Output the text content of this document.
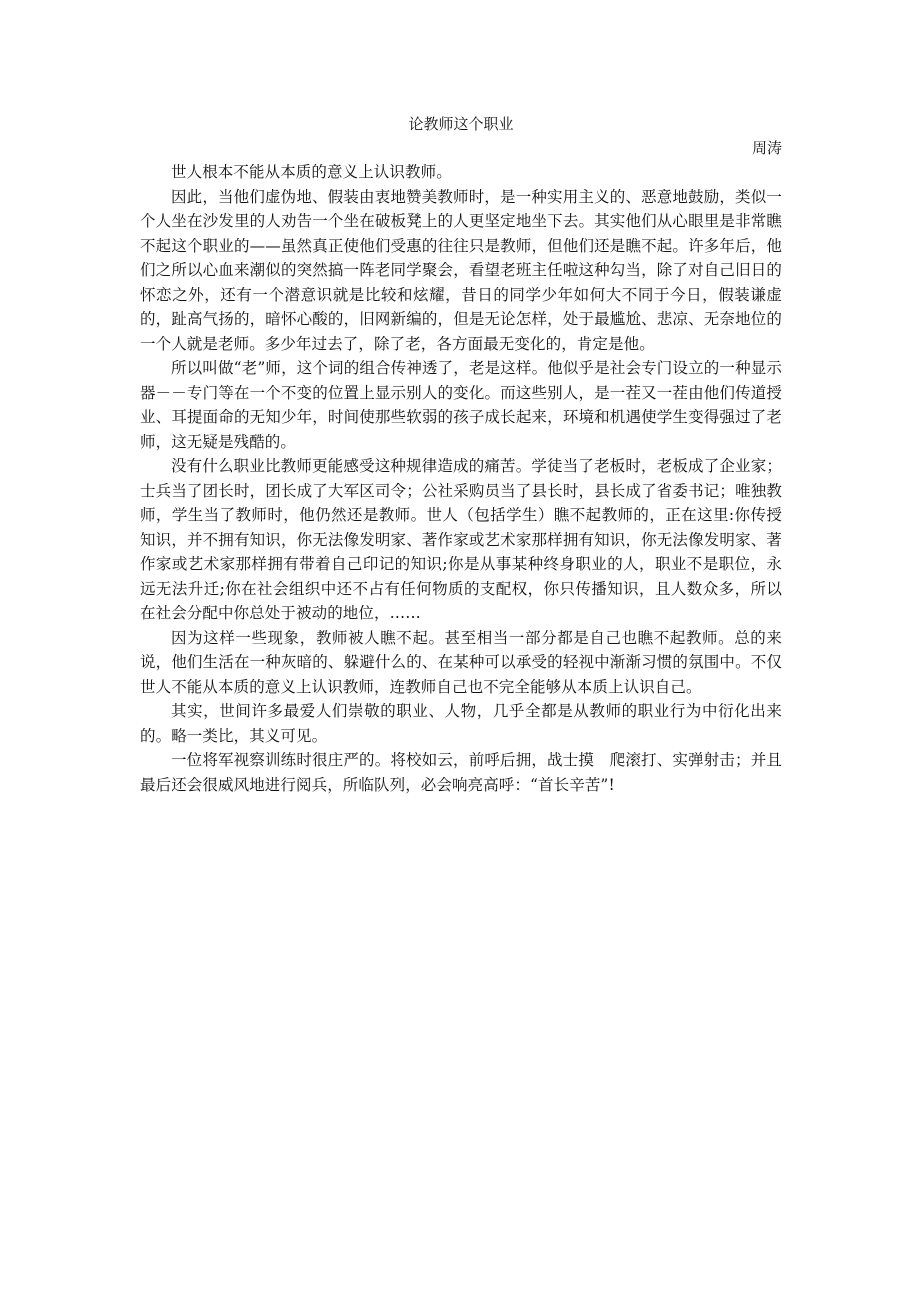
论教师这个职业

周涛

世人根本不能从本质的意义上认识教师。

因此，当他们虚伪地、假装由衷地赞美教师时，是一种实用主义的、恶意地鼓励，类似一个人坐在沙发里的人劝告一个坐在破板凳上的人更坚定地坐下去。其实他们从心眼里是非常瞧不起这个职业的——虽然真正使他们受惠的往往只是教师，但他们还是瞧不起。许多年后，他们之所以心血来潮似的突然搞一阵老同学聚会，看望老班主任啦这种勾当，除了对自己旧日的怀恋之外，还有一个潜意识就是比较和炫耀，昔日的同学少年如何大不同于今日，假装谦虚的，趾高气扬的，暗怀心酸的，旧网新编的，但是无论怎样，处于最尴尬、悲凉、无奈地位的一个人就是老师。多少年过去了，除了老，各方面最无变化的，肯定是他。

所以叫做“老”师，这个词的组合传神透了，老是这样。他似乎是社会专门设立的一种显示器－－专门等在一个不变的位置上显示别人的变化。而这些别人，是一茬又一茬由他们传道授业、耳提面命的无知少年，时间使那些软弱的孩子成长起来，环境和机遇使学生变得强过了老师，这无疑是残酷的。

没有什么职业比教师更能感受这种规律造成的痛苦。学徒当了老板时，老板成了企业家；士兵当了团长时，团长成了大军区司令；公社采购员当了县长时，县长成了省委书记；唯独教师，学生当了教师时，他仍然还是教师。世人（包括学生）瞧不起教师的，正在这里:你传授知识，并不拥有知识，你无法像发明家、著作家或艺术家那样拥有知识，你无法像发明家、著作家或艺术家那样拥有带着自己印记的知识;你是从事某种终身职业的人，职业不是职位，永远无法升迁;你在社会组织中还不占有任何物质的支配权，你只传播知识，且人数众多，所以在社会分配中你总处于被动的地位，……

因为这样一些现象，教师被人瞧不起。甚至相当一部分都是自己也瞧不起教师。总的来说，他们生活在一种灰暗的、躲避什么的、在某种可以承受的轻视中渐渐习惯的氛围中。不仅世人不能从本质的意义上认识教师，连教师自己也不完全能够从本质上认识自己。

其实，世间许多最爱人们崇敬的职业、人物，几乎全都是从教师的职业行为中衍化出来的。略一类比，其义可见。

一位将军视察训练时很庄严的。将校如云，前呼后拥，战士摸　爬滚打、实弹射击；并且最后还会很威风地进行阅兵，所临队列，必会响亮高呼：“首长辛苦”!
